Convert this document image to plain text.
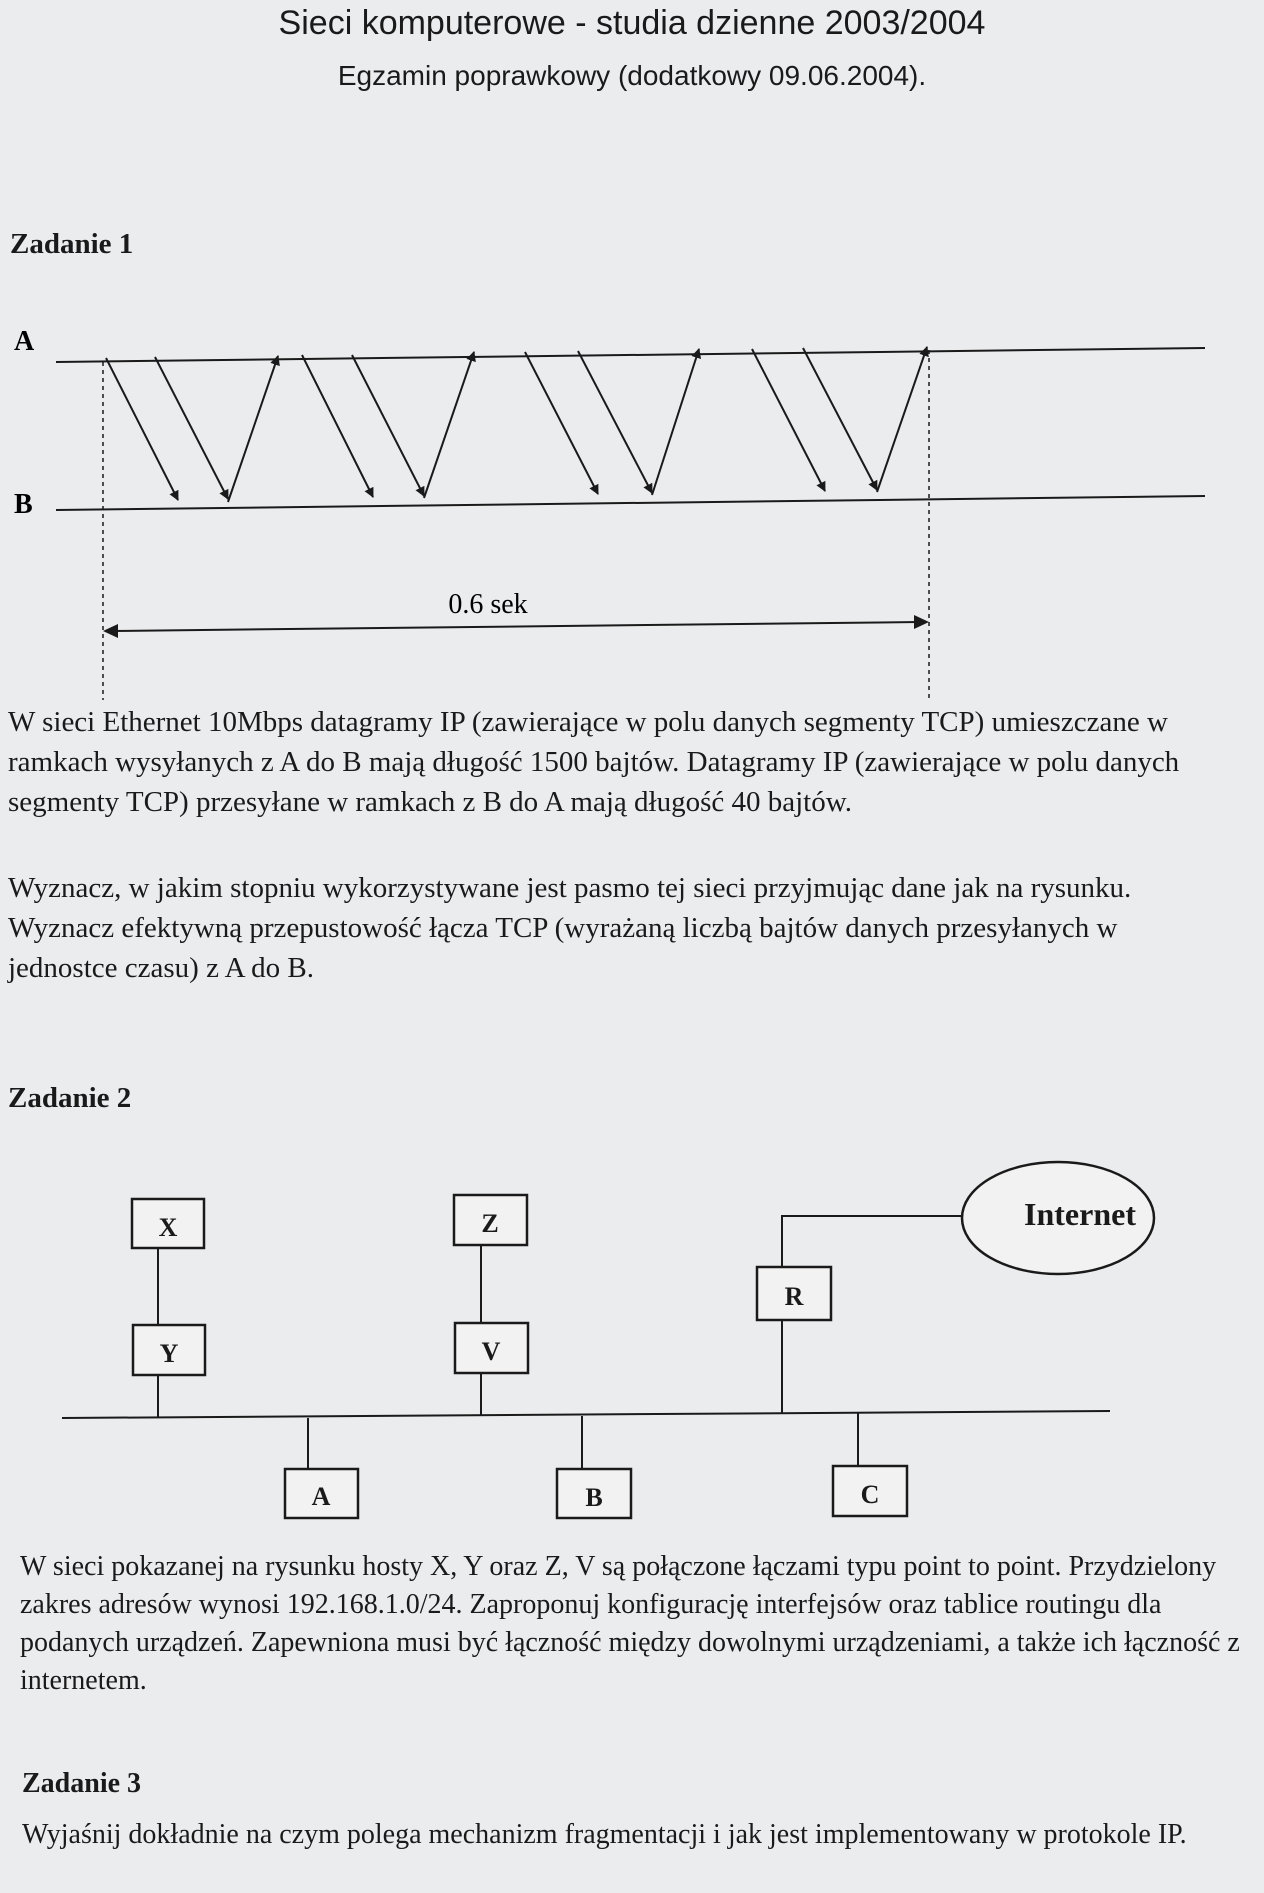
Sieci komputerowe - studia dzienne 2003/2004
Egzamin poprawkowy (dodatkowy 09.06.2004).
Zadanie 1
A
B
0.6 sek

W sieci Ethernet 10Mbps datagramy IP (zawierające w polu danych segmenty TCP) umieszczane w ramkach wysyłanych z A do B mają długość 1500 bajtów. Datagramy IP (zawierające w polu danych segmenty TCP) przesyłane w ramkach z B do A mają długość 40 bajtów.

Wyznacz, w jakim stopniu wykorzystywane jest pasmo tej sieci przyjmując dane jak na rysunku. Wyznacz efektywną przepustowość łącza TCP (wyrażaną liczbą bajtów danych przesyłanych w jednostce czasu) z A do B.

Zadanie 2
X
Y
Z
V
R
A	B	C
Internet

W sieci pokazanej na rysunku hosty X, Y oraz Z, V są połączone łączami typu point to point. Przydzielony zakres adresów wynosi 192.168.1.0/24. Zaproponuj konfigurację interfejsów oraz tablice routingu dla podanych urządzeń. Zapewniona musi być łączność między dowolnymi urządzeniami, a także ich łączność z internetem.

Zadanie 3

Wyjaśnij dokładnie na czym polega mechanizm fragmentacji i jak jest implementowany w protokole IP.
